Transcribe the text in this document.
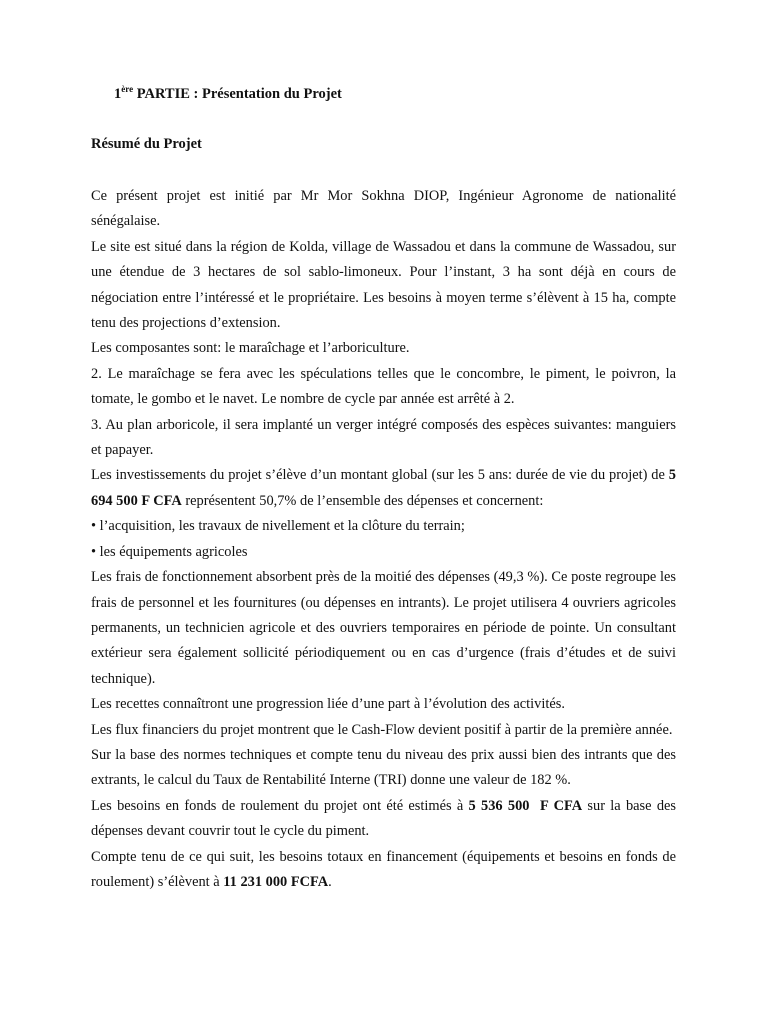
1ère PARTIE : Présentation du Projet
Résumé du Projet

Ce présent projet est initié par Mr Mor Sokhna DIOP, Ingénieur Agronome de nationalité sénégalaise.

Le site est situé dans la région de Kolda, village de Wassadou et dans la commune de Wassadou, sur une étendue de 3 hectares de sol sablo-limoneux. Pour l’instant, 3 ha sont déjà en cours de négociation entre l’intéressé et le propriétaire. Les besoins à moyen terme s’élèvent à 15 ha, compte tenu des projections d’extension.

Les composantes sont: le maraîchage et l’arboriculture.

2. Le maraîchage se fera avec les spéculations telles que le concombre, le piment, le poivron, la tomate, le gombo et le navet. Le nombre de cycle par année est arrêté à 2.

3. Au plan arboricole, il sera implanté un verger intégré composés des espèces suivantes: manguiers et papayer.

Les investissements du projet s’élève d’un montant global (sur les 5 ans: durée de vie du projet) de 5 694 500 F CFA représentent 50,7% de l’ensemble des dépenses et concernent:

• l’acquisition, les travaux de nivellement et la clôture du terrain;

• les équipements agricoles

Les frais de fonctionnement absorbent près de la moitié des dépenses (49,3 %). Ce poste regroupe les frais de personnel et les fournitures (ou dépenses en intrants). Le projet utilisera 4 ouvriers agricoles permanents, un technicien agricole et des ouvriers temporaires en période de pointe. Un consultant extérieur sera également sollicité périodiquement ou en cas d’urgence (frais d’études et de suivi technique).

Les recettes connaîtront une progression liée d’une part à l’évolution des activités.

Les flux financiers du projet montrent que le Cash-Flow devient positif à partir de la première année.

Sur la base des normes techniques et compte tenu du niveau des prix aussi bien des intrants que des extrants, le calcul du Taux de Rentabilité Interne (TRI) donne une valeur de 182 %.

Les besoins en fonds de roulement du projet ont été estimés à 5 536 500  F CFA sur la base des dépenses devant couvrir tout le cycle du piment.

Compte tenu de ce qui suit, les besoins totaux en financement (équipements et besoins en fonds de roulement) s’élèvent à 11 231 000 FCFA.
